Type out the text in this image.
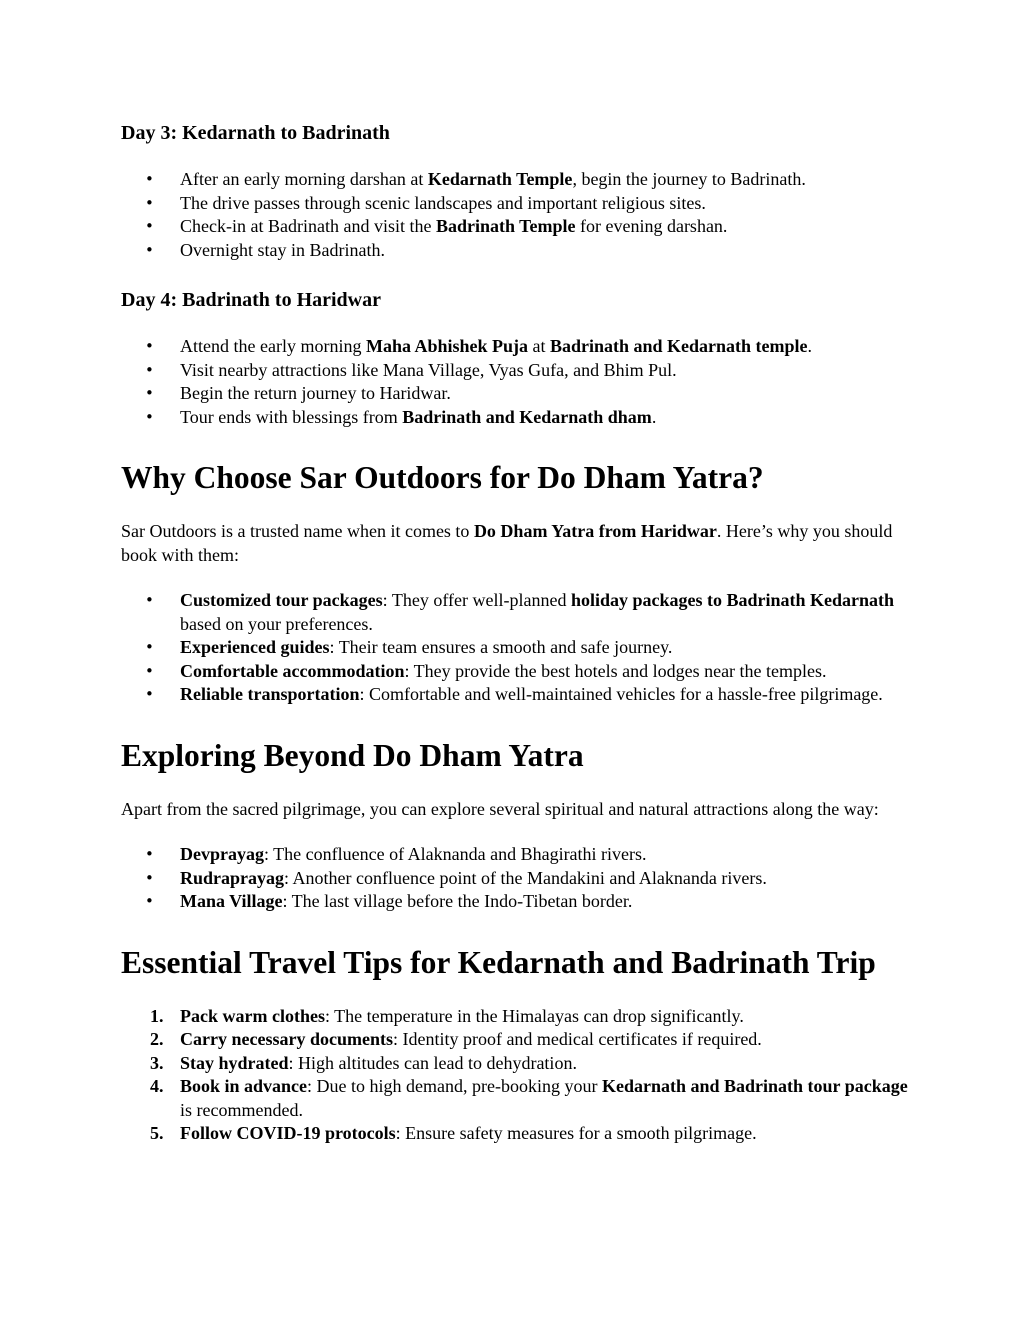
Day 3: Kedarnath to Badrinath
• After an early morning darshan at Kedarnath Temple, begin the journey to Badrinath.
• The drive passes through scenic landscapes and important religious sites.
• Check-in at Badrinath and visit the Badrinath Temple for evening darshan.
• Overnight stay in Badrinath.
Day 4: Badrinath to Haridwar
• Attend the early morning Maha Abhishek Puja at Badrinath and Kedarnath temple.
• Visit nearby attractions like Mana Village, Vyas Gufa, and Bhim Pul.
• Begin the return journey to Haridwar.
• Tour ends with blessings from Badrinath and Kedarnath dham.
Why Choose Sar Outdoors for Do Dham Yatra?

Sar Outdoors is a trusted name when it comes to Do Dham Yatra from Haridwar. Here’s why you should book with them:

• Customized tour packages: They offer well-planned holiday packages to Badrinath Kedarnath based on your preferences.
• Experienced guides: Their team ensures a smooth and safe journey.
• Comfortable accommodation: They provide the best hotels and lodges near the temples.
• Reliable transportation: Comfortable and well-maintained vehicles for a hassle-free pilgrimage.
Exploring Beyond Do Dham Yatra

Apart from the sacred pilgrimage, you can explore several spiritual and natural attractions along the way:

• Devprayag: The confluence of Alaknanda and Bhagirathi rivers.
• Rudraprayag: Another confluence point of the Mandakini and Alaknanda rivers.
• Mana Village: The last village before the Indo-Tibetan border.
Essential Travel Tips for Kedarnath and Badrinath Trip
1. Pack warm clothes: The temperature in the Himalayas can drop significantly.
2. Carry necessary documents: Identity proof and medical certificates if required.
3. Stay hydrated: High altitudes can lead to dehydration.
4. Book in advance: Due to high demand, pre-booking your Kedarnath and Badrinath tour package is recommended.
5. Follow COVID-19 protocols: Ensure safety measures for a smooth pilgrimage.
